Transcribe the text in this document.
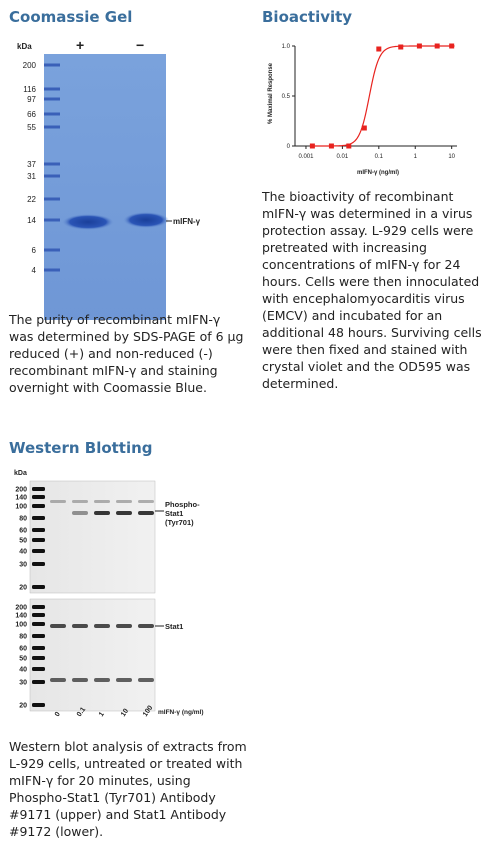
Coomassie Gel
kDa	+	−
200
116
97
66
55
37
31
22
14
6
4
mIFN-γ

The purity of recombinant mIFN-γ was determined by SDS-PAGE of 6 µg reduced (+) and non-reduced (-) recombinant mIFN-γ and staining overnight with Coomassie Blue.

Bioactivity
% Maximal Response
0
0.5
1.0
0.001	0.01	0.1	1	10
mIFN-γ (ng/ml)

The bioactivity of recombinant mIFN-γ was determined in a virus protection assay. L-929 cells were pretreated with increasing concentrations of mIFN-γ for 24 hours. Cells were then innoculated with encephalomyocarditis virus (EMCV) and incubated for an additional 48 hours. Surviving cells were then fixed and stained with crystal violet and the OD595 was determined.

Western Blotting
kDa
200
140
100
80
60
50
40
30
20
200
140
100
80
60
50
40
30
20
Phospho-
Stat1
(Tyr701)
Stat1
0 0.1 1 10 100 mIFN-γ (ng/ml)

Western blot analysis of extracts from L-929 cells, untreated or treated with mIFN-γ for 20 minutes, using Phospho-Stat1 (Tyr701) Antibody #9171 (upper) and Stat1 Antibody #9172 (lower).
